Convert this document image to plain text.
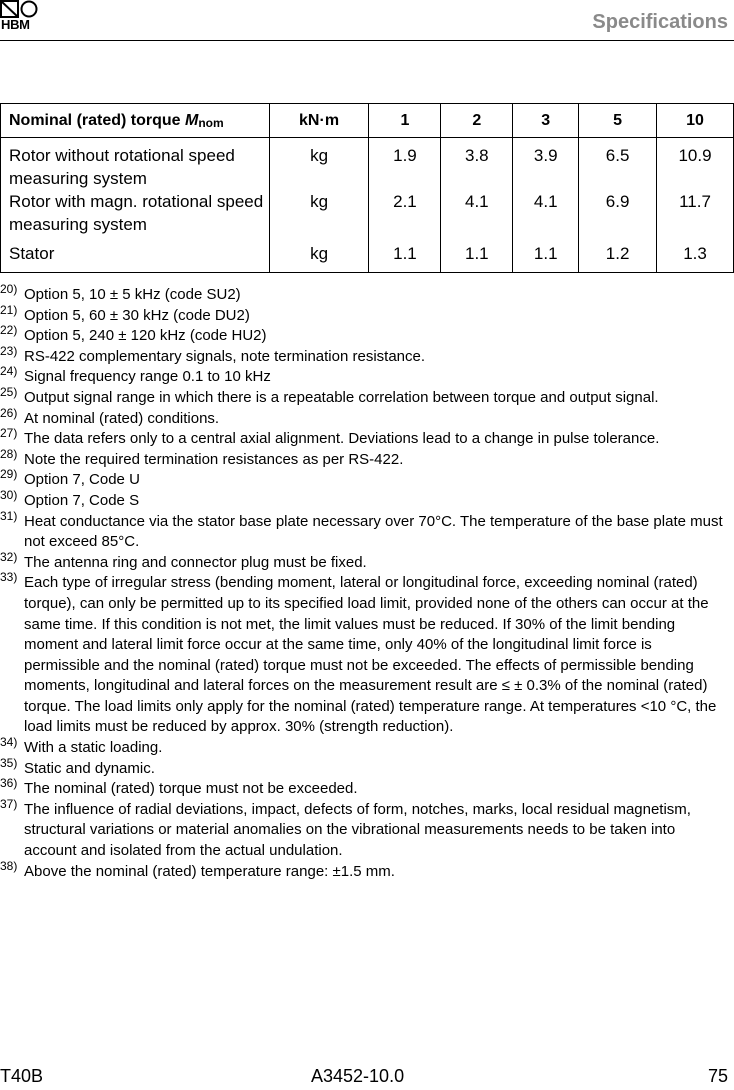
HBM	Specifications
Nominal (rated) torque Mnom	kN·m	1	2	3	5	10
Rotor without rotational speed measuring system	kg	1.9	3.8	3.9	6.5	10.9
Rotor with magn. rotational speed measuring system	kg	2.1	4.1	4.1	6.9	11.7
Stator	kg	1.1	1.1	1.1	1.2	1.3
20) Option 5, 10 ± 5 kHz (code SU2)
21) Option 5, 60 ± 30 kHz (code DU2)
22) Option 5, 240 ± 120 kHz (code HU2)
23) RS-422 complementary signals, note termination resistance.
24) Signal frequency range 0.1 to 10 kHz
25) Output signal range in which there is a repeatable correlation between torque and output signal.
26) At nominal (rated) conditions.
27) The data refers only to a central axial alignment. Deviations lead to a change in pulse tolerance.
28) Note the required termination resistances as per RS-422.
29) Option 7, Code U
30) Option 7, Code S
31) Heat conductance via the stator base plate necessary over 70°C. The temperature of the base plate must not exceed 85°C.
32) The antenna ring and connector plug must be fixed.
33) Each type of irregular stress (bending moment, lateral or longitudinal force, exceeding nominal (rated) torque), can only be permitted up to its specified load limit, provided none of the others can occur at the same time. If this condition is not met, the limit values must be reduced. If 30% of the limit bending moment and lateral limit force occur at the same time, only 40% of the longitudinal limit force is permissible and the nominal (rated) torque must not be exceeded. The effects of permissible bending moments, longitudinal and lateral forces on the measurement result are ≤ ± 0.3% of the nominal (rated) torque. The load limits only apply for the nominal (rated) temperature range. At temperatures <10 °C, the load limits must be reduced by approx. 30% (strength reduction).
34) With a static loading.
35) Static and dynamic.
36) The nominal (rated) torque must not be exceeded.
37) The influence of radial deviations, impact, defects of form, notches, marks, local residual magnetism, structural variations or material anomalies on the vibrational measurements needs to be taken into account and isolated from the actual undulation.
38) Above the nominal (rated) temperature range: ±1.5 mm.
T40B	A3452-10.0	75
